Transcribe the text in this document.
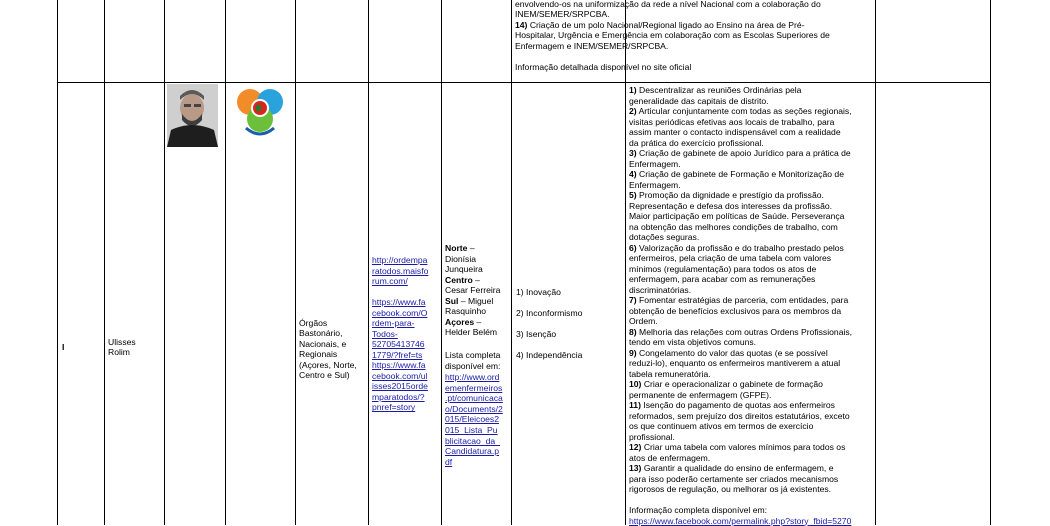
envolvendo-os na uniformização da rede a nível Nacional com a colaboração do
INEM/SEMER/SRPCBA.
14) Criação de um polo Nacional/Regional ligado ao Ensino na área de Pré-
Hospitalar, Urgência e Emergência em colaboração com as Escolas Superiores de
Enfermagem e INEM/SEMER/SRPCBA.
Informação detalhada disponível no site oficial
I	Ulisses
Rolim
Órgãos
Bastonário,
Nacionais, e
Regionais
(Açores, Norte,
Centro e Sul)
http://ordempa
ratodos.maisfo
rum.com/
https://www.fa
cebook.com/O
rdem-para-
Todos-
52705413746
1779/?fref=ts
https://www.fa
cebook.com/ul
isses2015orde
mparatodos/?
pnref=story
Norte –
Dionísia
Junqueira
Centro –
Cesar Ferreira
Sul – Miguel
Rasquinho
Açores –
Helder Belém
Lista completa
disponível em:
http://www.ord
emenfermeiros
.pt/comunicaca
o/Documents/2
015/Eleicoes2
015_Lista_Pu
blicitacao_da_
Candidatura.p
df
1) Inovação
2) Inconformismo
3) Isenção
4) Independência
1) Descentralizar as reuniões Ordinárias pela
generalidade das capitais de distrito.
2) Articular conjuntamente com todas as seções regionais,
visitas periódicas efetivas aos locais de trabalho, para
assim manter o contacto indispensável com a realidade
da prática do exercício profissional.
3) Criação de gabinete de apoio Jurídico para a prática de
Enfermagem.
4) Criação de gabinete de Formação e Monitorização de
Enfermagem.
5) Promoção da dignidade e prestígio da profissão.
Representação e defesa dos interesses da profissão.
Maior participação em políticas de Saúde. Perseverança
na obtenção das melhores condições de trabalho, com
dotações seguras.
6) Valorização da profissão e do trabalho prestado pelos
enfermeiros, pela criação de uma tabela com valores
mínimos (regulamentação) para todos os atos de
enfermagem, para acabar com as remunerações
discriminatórias.
7) Fomentar estratégias de parceria, com entidades, para
obtenção de benefícios exclusivos para os membros da
Ordem.
8) Melhoria das relações com outras Ordens Profissionais,
tendo em vista objetivos comuns.
9) Congelamento do valor das quotas (e se possível
reduzi-lo), enquanto os enfermeiros mantiverem a atual
tabela remuneratória.
10) Criar e operacionalizar o gabinete de formação
permanente de enfermagem (GFPE).
11) Isenção do pagamento de quotas aos enfermeiros
reformados, sem prejuízo dos direitos estatutários, exceto
os que continuem ativos em termos de exercício
profissional.
12) Criar uma tabela com valores mínimos para todos os
atos de enfermagem.
13) Garantir a qualidade do ensino de enfermagem, e
para isso poderão certamente ser criados mecanismos
rigorosos de regulação, ou melhorar os já existentes.
Informação completa disponível em:
https://www.facebook.com/permalink.php?story_fbid=5270
